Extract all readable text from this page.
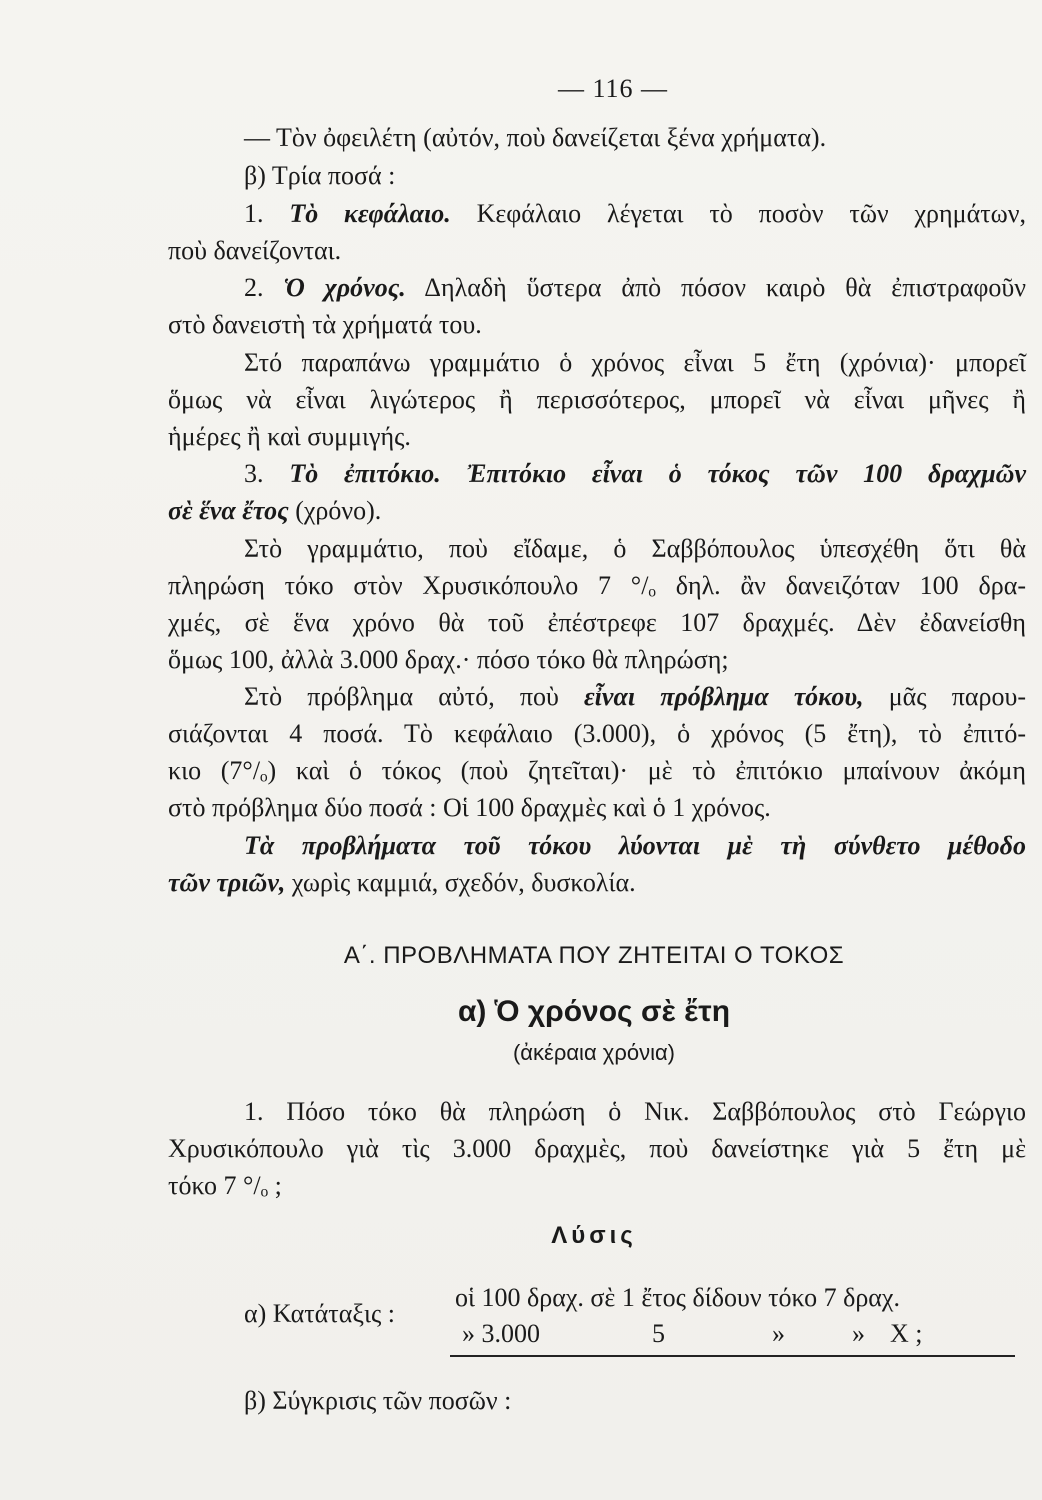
— 116 —
— Τὸν ὀφειλέτη (αὐτόν, ποὺ δανείζεται ξένα χρήματα).
β) Τρία ποσά :
1. Τὸ κεφάλαιο. Κεφάλαιο λέγεται τὸ ποσὸν τῶν χρημάτων,
ποὺ δανείζονται.
2. Ὁ χρόνος. Δηλαδὴ ὕστερα ἀπὸ πόσον καιρὸ θὰ ἐπιστραφοῦν
στὸ δανειστὴ τὰ χρήματά του.
Στό παραπάνω γραμμάτιο ὁ χρόνος εἶναι 5 ἔτη (χρόνια)· μπορεῖ
ὅμως νὰ εἶναι λιγώτερος ἢ περισσότερος, μπορεῖ νὰ εἶναι μῆνες ἢ
ἡμέρες ἢ καὶ συμμιγής.
3. Τὸ ἐπιτόκιο. Ἐπιτόκιο εἶναι ὁ τόκος τῶν 100 δραχμῶν
σὲ ἕνα ἔτος (χρόνο).
Στὸ γραμμάτιο, ποὺ εἴδαμε, ὁ Σαββόπουλος ὑπεσχέθη ὅτι θὰ
πληρώση τόκο στὸν Χρυσικόπουλο 7 °/ₒ δηλ. ἂν δανειζόταν 100 δρα-
χμές, σὲ ἕνα χρόνο θὰ τοῦ ἐπέστρεφε 107 δραχμές. Δὲν ἐδανείσθη
ὅμως 100, ἀλλὰ 3.000 δραχ.· πόσο τόκο θὰ πληρώση;
Στὸ πρόβλημα αὐτό, ποὺ εἶναι πρόβλημα τόκου, μᾶς παρου-
σιάζονται 4 ποσά. Τὸ κεφάλαιο (3.000), ὁ χρόνος (5 ἔτη), τὸ ἐπιτό-
κιο (7°/ₒ) καὶ ὁ τόκος (ποὺ ζητεῖται)· μὲ τὸ ἐπιτόκιο μπαίνουν ἀκόμη
στὸ πρόβλημα δύο ποσά : Οἱ 100 δραχμὲς καὶ ὁ 1 χρόνος.
Τὰ προβλήματα τοῦ τόκου λύονται μὲ τὴ σύνθετο μέθοδο
τῶν τριῶν, χωρὶς καμμιά, σχεδόν, δυσκολία.
Α΄. ΠΡΟΒΛΗΜΑΤΑ ΠΟΥ ΖΗΤΕΙΤΑΙ Ο ΤΟΚΟΣ
α) Ὁ χρόνος σὲ ἔτη
(ἀκέραια χρόνια)
1. Πόσο τόκο θὰ πληρώση ὁ Νικ. Σαββόπουλος στὸ Γεώργιο
Χρυσικόπουλο γιὰ τὶς 3.000 δραχμὲς, ποὺ δανείστηκε γιὰ 5 ἔτη μὲ
τόκο 7 °/ₒ ;
Λύσις
α) Κατάταξις :
οἱ 100 δραχ. σὲ 1 ἔτος δίδουν τόκο 7 δραχ.
» 3.000	5	»	» Χ ;
β) Σύγκρισις τῶν ποσῶν :
